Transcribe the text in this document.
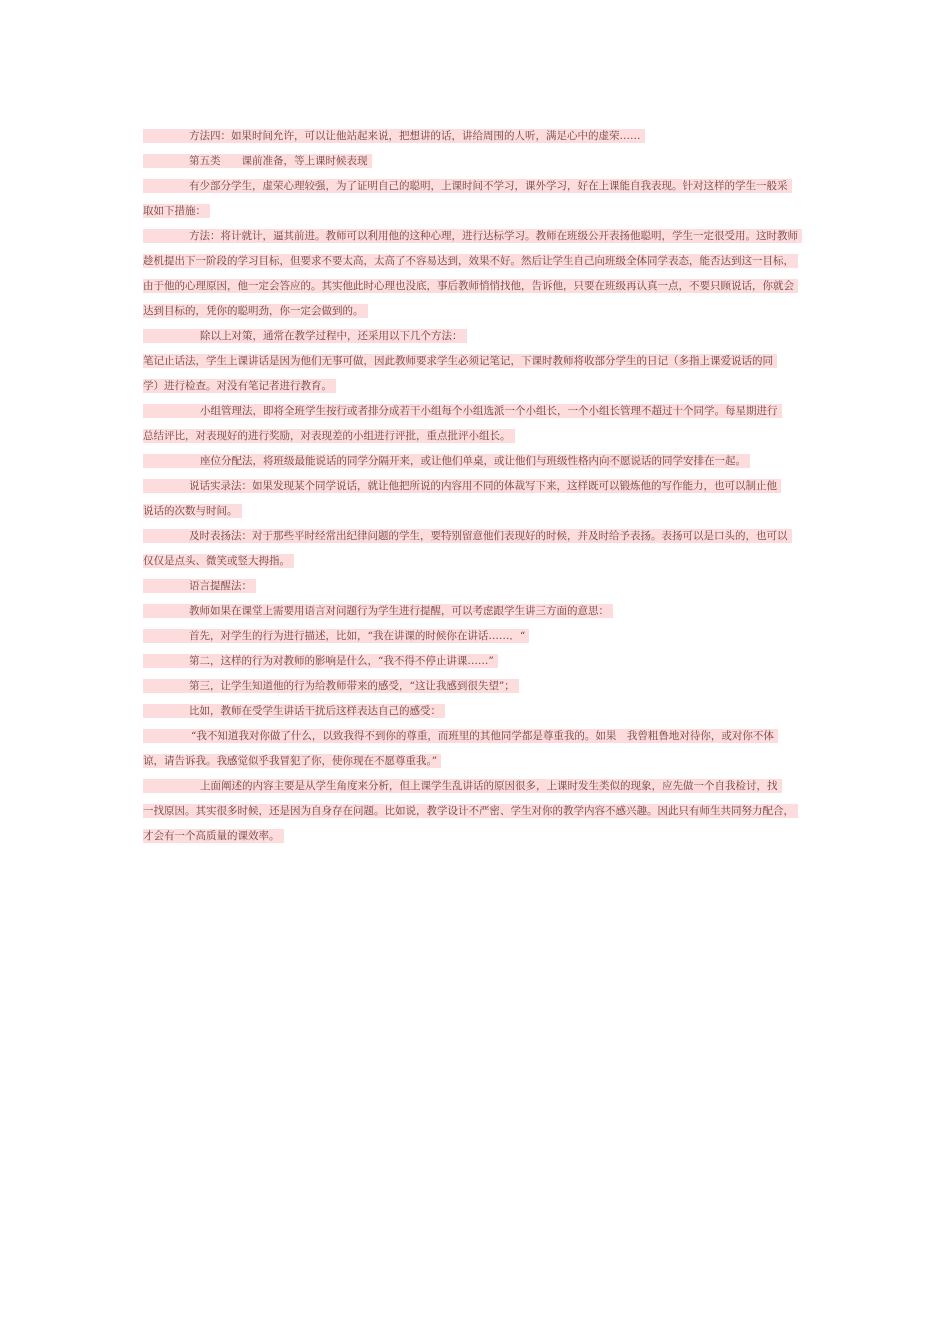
方法四：如果时间允许，可以让他站起来说，把想讲的话，讲给周围的人听，满足心中的虚荣……
第五类　　课前准备，等上课时候表现
有少部分学生，虚荣心理较强，为了证明自己的聪明，上课时间不学习，课外学习，好在上课能自我表现。针对这样的学生一般采
取如下措施：
方法：将计就计，逼其前进。教师可以利用他的这种心理，进行达标学习。教师在班级公开表扬他聪明，学生一定很受用。这时教师
趁机提出下一阶段的学习目标，但要求不要太高，太高了不容易达到，效果不好。然后让学生自己向班级全体同学表态，能否达到这一目标，
由于他的心理原因，他一定会答应的。其实他此时心理也没底，事后教师悄悄找他，告诉他，只要在班级再认真一点，不要只顾说话，你就会
达到目标的，凭你的聪明劲，你一定会做到的。
除以上对策，通常在教学过程中，还采用以下几个方法：
笔记止话法，学生上课讲话是因为他们无事可做，因此教师要求学生必须记笔记，下课时教师将收部分学生的日记（多指上课爱说话的同
学）进行检查。对没有笔记者进行教育。
小组管理法，即将全班学生按行或者排分成若干小组每个小组选派一个小组长，一个小组长管理不超过十个同学。每星期进行
总结评比，对表现好的进行奖励，对表现差的小组进行评批，重点批评小组长。
座位分配法，将班级最能说话的同学分隔开来，或让他们单桌，或让他们与班级性格内向不愿说话的同学安排在一起。
说话实录法：如果发现某个同学说话，就让他把所说的内容用不同的体裁写下来，这样既可以锻炼他的写作能力，也可以制止他
说话的次数与时间。
及时表扬法：对于那些平时经常出纪律问题的学生，要特别留意他们表现好的时候，并及时给予表扬。表扬可以是口头的，也可以
仅仅是点头、微笑或竖大拇指。
语言提醒法：
教师如果在课堂上需要用语言对问题行为学生进行提醒，可以考虑跟学生讲三方面的意思：
首先，对学生的行为进行描述，比如，“我在讲课的时候你在讲话……．“
第二，这样的行为对教师的影响是什么，“我不得不停止讲课……”
第三，让学生知道他的行为给教师带来的感受，“这让我感到很失望”；
比如，教师在受学生讲话干扰后这样表达自己的感受：
“我不知道我对你做了什么，以致我得不到你的尊重，而班里的其他同学都是尊重我的。如果　我曾粗鲁地对待你，或对你不体
谅，请告诉我。我感觉似乎我冒犯了你，使你现在不愿尊重我。”
上面阐述的内容主要是从学生角度来分析，但上课学生乱讲话的原因很多，上课时发生类似的现象，应先做一个自我检讨，找
一找原因。其实很多时候，还是因为自身存在问题。比如说，教学设计不严密、学生对你的教学内容不感兴趣。因此只有师生共同努力配合，
才会有一个高质量的课效率。
